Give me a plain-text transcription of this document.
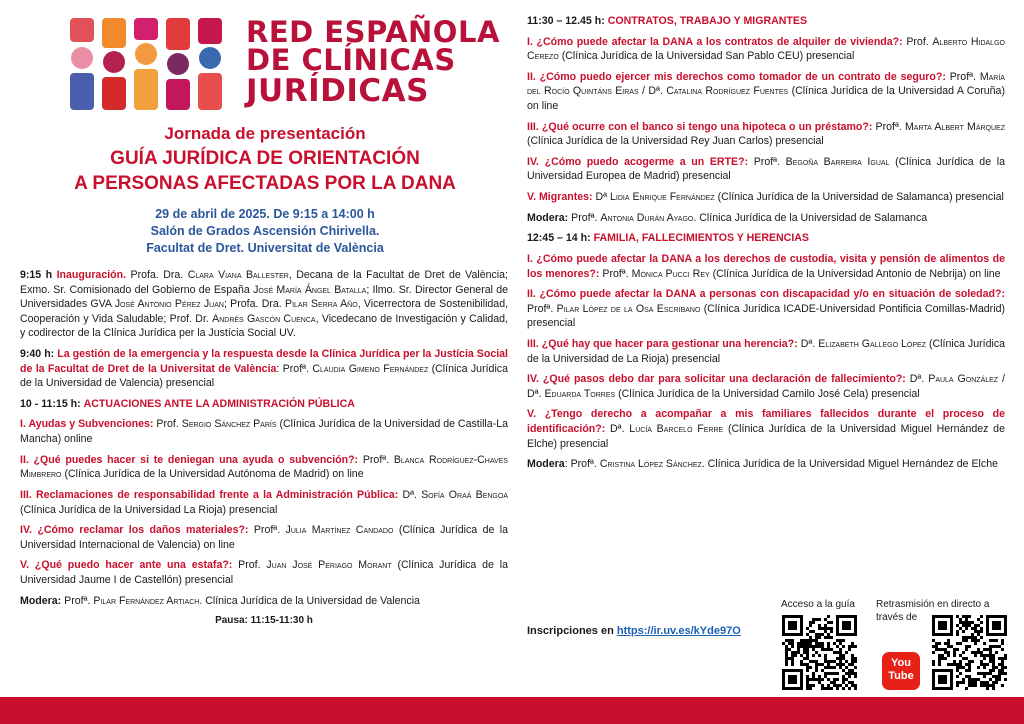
RED ESPAÑOLA
DE CLÍNICAS
JURÍDICAS
Jornada de presentación
GUÍA JURÍDICA DE ORIENTACIÓN
A PERSONAS AFECTADAS POR LA DANA
29 de abril de 2025. De 9:15 a 14:00 h
Salón de Grados Ascensión Chirivella.
Facultat de Dret. Universitat de València

9:15 h Inauguración. Profa. Dra. Clara Viana Ballester, Decana de la Facultat de Dret de València; Exmo. Sr. Comisionado del Gobierno de España José María Ángel Batalla; Ilmo. Sr. Director General de Universidades GVA José Antonio Pérez Juan; Profa. Dra. Pilar Serra Añó, Vicerrectora de Sostenibilidad, Cooperación y Vida Saludable; Prof. Dr. Andrés Gascón Cuenca, Vicedecano de Investigación y Calidad, y codirector de la Clínica Jurídica per la Justícia Social UV.

9:40 h: La gestión de la emergencia y la respuesta desde la Clínica Jurídica per la Justícia Social de la Facultat de Dret de la Universitat de València: Profª. Claudia Gimeno Fernández (Clínica Jurídica de la Universidad de Valencia) presencial

10 - 11:15 h: ACTUACIONES ANTE LA ADMINISTRACIÓN PÚBLICA

I. Ayudas y Subvenciones: Prof. Sergio Sánchez París (Clínica Jurídica de la Universidad de Castilla-La Mancha) online

II. ¿Qué puedes hacer si te deniegan una ayuda o subvención?: Profª. Blanca Rodríguez-Chaves Mimbrero (Clínica Jurídica de la Universidad Autónoma de Madrid) on line

III. Reclamaciones de responsabilidad frente a la Administración Pública: Dª. Sofía Oraá Bengoa (Clínica Jurídica de la Universidad La Rioja) presencial

IV. ¿Cómo reclamar los daños materiales?: Profª. Julia Martínez Candado (Clínica Jurídica de la Universidad Internacional de Valencia) on line

V. ¿Qué puedo hacer ante una estafa?: Prof. Juan José Periago Morant (Clínica Jurídica de la Universidad Jaume I de Castellón) presencial

Modera: Profª. Pilar Fernández Artiach. Clínica Jurídica de la Universidad de Valencia

Pausa: 11:15-11:30 h

11:30 – 12.45 h: CONTRATOS, TRABAJO Y MIGRANTES

I. ¿Cómo puede afectar la DANA a los contratos de alquiler de vivienda?: Prof. Alberto Hidalgo Cerezo (Clínica Jurídica de la Universidad San Pablo CEU) presencial

II. ¿Cómo puedo ejercer mis derechos como tomador de un contrato de seguro?: Profª. María del Rocío Quintáns Eiras / Dª. Catalina Rodríguez Fuentes (Clínica Jurídica de la Universidad A Coruña) on line

III. ¿Qué ocurre con el banco si tengo una hipoteca o un préstamo?: Profª. Marta Albert Márquez (Clínica Jurídica de la Universidad Rey Juan Carlos) presencial

IV. ¿Cómo puedo acogerme a un ERTE?: Profª. Begoña Barreira Igual (Clínica Jurídica de la Universidad Europea de Madrid) presencial

V. Migrantes: Dª Lidia Enrique Fernández (Clínica Jurídica de la Universidad de Salamanca) presencial

Modera: Profª. Antonia Durán Ayago. Clínica Jurídica de la Universidad de Salamanca

12:45 – 14 h: FAMILIA, FALLECIMIENTOS Y HERENCIAS

I. ¿Cómo puede afectar la DANA a los derechos de custodia, visita y pensión de alimentos de los menores?: Profª. Mónica Pucci Rey (Clínica Jurídica de la Universidad Antonio de Nebrija) on line

II. ¿Cómo puede afectar la DANA a personas con discapacidad y/o en situación de soledad?: Profª. Pilar López de la Osa Escribano (Clínica Jurídica ICADE-Universidad Pontificia Comillas-Madrid) presencial

III. ¿Qué hay que hacer para gestionar una herencia?: Dª. Elizabeth Gallego López (Clínica Jurídica de la Universidad de La Rioja) presencial

IV. ¿Qué pasos debo dar para solicitar una declaración de fallecimiento?: Dª. Paula González / Dª. Eduarda Torres (Clínica Jurídica de la Universidad Camilo José Cela) presencial

V. ¿Tengo derecho a acompañar a mis familiares fallecidos durante el proceso de identificación?: Dª. Lucía Barceló Ferre (Clínica Jurídica de la Universidad Miguel Hernández de Elche) presencial

Modera: Profª. Cristina López Sánchez. Clínica Jurídica de la Universidad Miguel Hernández de Elche

Inscripciones en https://ir.uv.es/kYde97O
Acceso a la guía Retrasmisión en directo a
través de
You Tube
